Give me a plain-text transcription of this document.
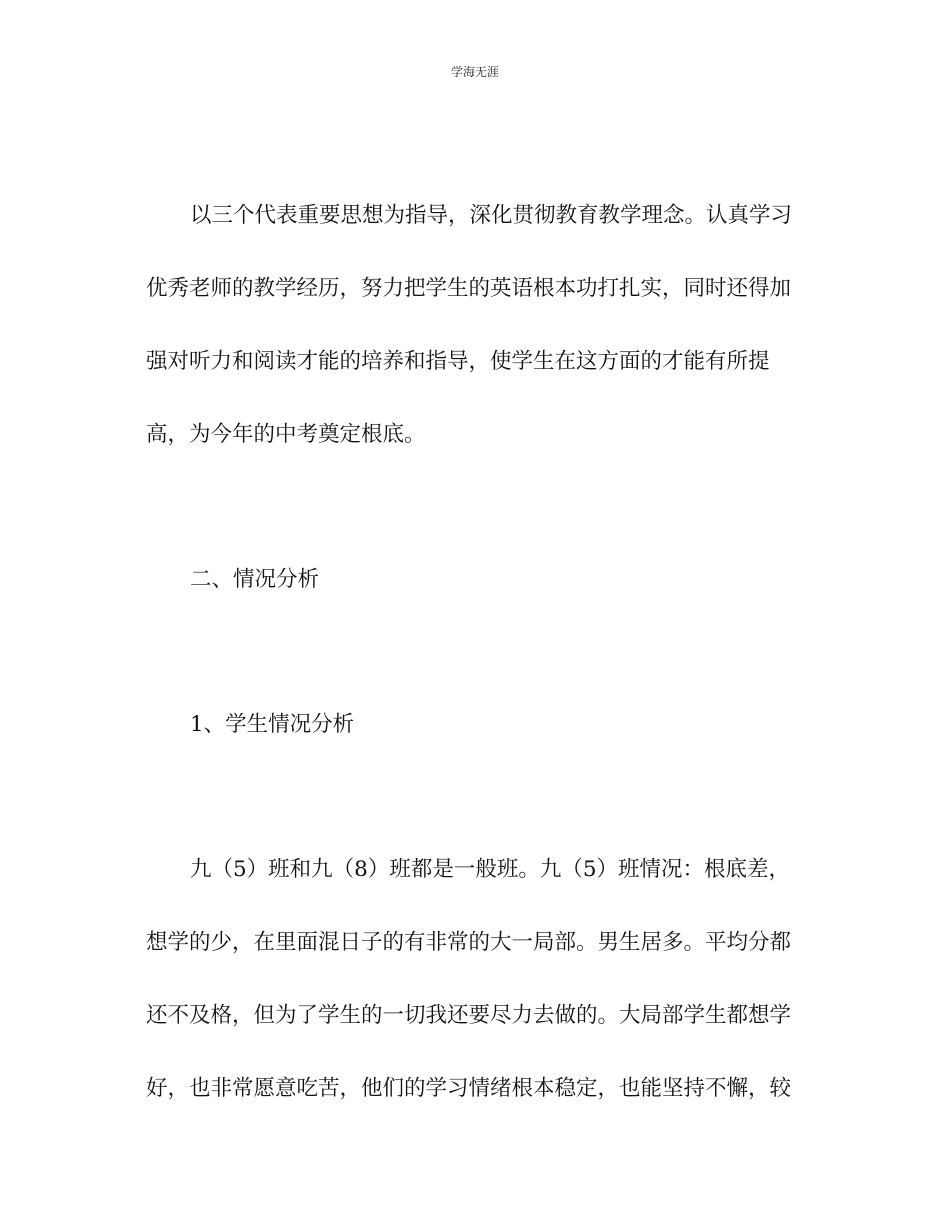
学海无涯
以三个代表重要思想为指导，深化贯彻教育教学理念。认真学习
优秀老师的教学经历，努力把学生的英语根本功打扎实，同时还得加
强对听力和阅读才能的培养和指导，使学生在这方面的才能有所提
高，为今年的中考奠定根底。
二、情况分析
1、学生情况分析
九（5）班和九（8）班都是一般班。九（5）班情况：根底差，
想学的少，在里面混日子的有非常的大一局部。男生居多。平均分都
还不及格，但为了学生的一切我还要尽力去做的。大局部学生都想学
好，也非常愿意吃苦，他们的学习情绪根本稳定，也能坚持不懈，较
